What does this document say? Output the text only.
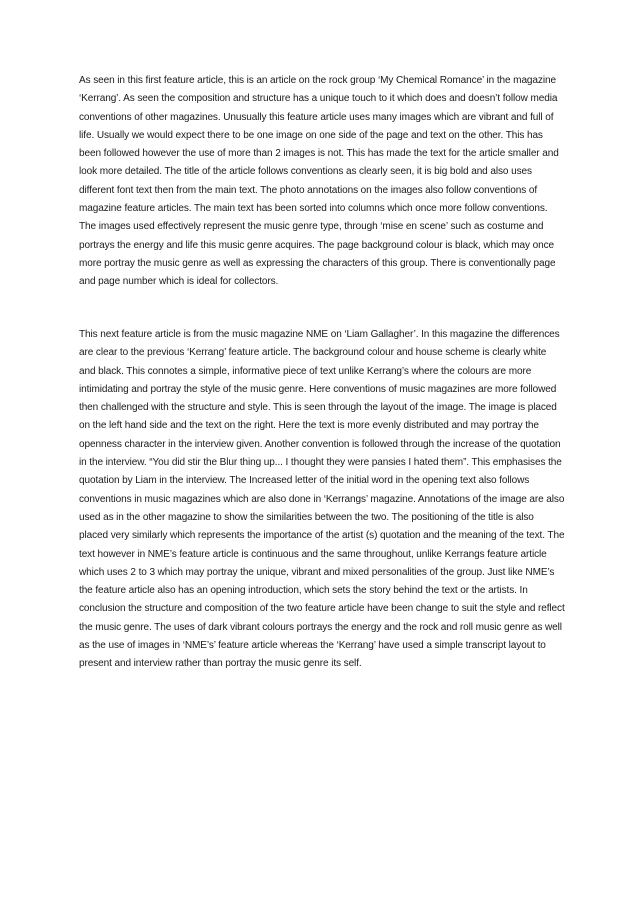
As seen in this first feature article, this is an article on the rock group ‘My Chemical Romance’ in the magazine ‘Kerrang’. As seen the composition and structure has a unique touch to it which does and doesn’t follow media conventions of other magazines. Unusually this feature article uses many images which are vibrant and full of life. Usually we would expect there to be one image on one side of the page and text on the other. This has been followed however the use of more than 2 images is not. This has made the text for the article smaller and look more detailed. The title of the article follows conventions as clearly seen, it is big bold and also uses different font text then from the main text. The photo annotations on the images also follow conventions of magazine feature articles. The main text has been sorted into columns which once more follow conventions. The images used effectively represent the music genre type, through ‘mise en scene’ such as costume and portrays the energy and life this music genre acquires. The page background colour is black, which may once more portray the music genre as well as expressing the characters of this group. There is conventionally page and page number which is ideal for collectors.

This next feature article is from the music magazine NME on ‘Liam Gallagher’. In this magazine the differences are clear to the previous ‘Kerrang’ feature article. The background colour and house scheme is clearly white and black. This connotes a simple, informative piece of text unlike Kerrang’s where the colours are more intimidating and portray the style of the music genre. Here conventions of music magazines are more followed then challenged with the structure and style. This is seen through the layout of the image. The image is placed on the left hand side and the text on the right. Here the text is more evenly distributed and may portray the openness character in the interview given. Another convention is followed through the increase of the quotation in the interview. “You did stir the Blur thing up... I thought they were pansies I hated them”. This emphasises the quotation by Liam in the interview. The Increased letter of the initial word in the opening text also follows conventions in music magazines which are also done in ‘Kerrangs’ magazine. Annotations of the image are also used as in the other magazine to show the similarities between the two. The positioning of the title is also placed very similarly which represents the importance of the artist (s) quotation and the meaning of the text. The text however in NME’s feature article is continuous and the same throughout, unlike Kerrangs feature article which uses 2 to 3 which may portray the unique, vibrant and mixed personalities of the group. Just like NME’s the feature article also has an opening introduction, which sets the story behind the text or the artists. In conclusion the structure and composition of the two feature article have been change to suit the style and reflect the music genre. The uses of dark vibrant colours portrays the energy and the rock and roll music genre as well as the use of images in ‘NME’s’ feature article whereas the ‘Kerrang’ have used a simple transcript layout to present and interview rather than portray the music genre its self.
